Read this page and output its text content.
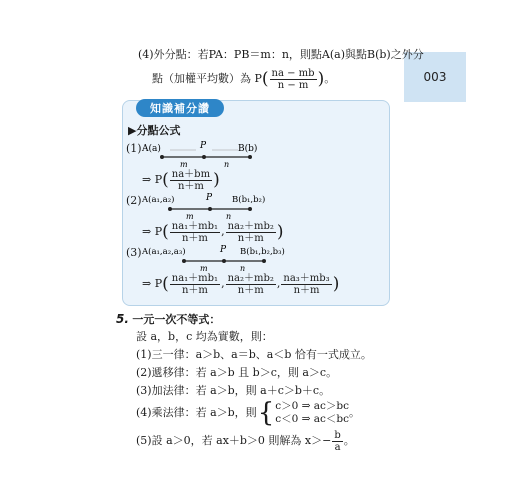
003
(4)外分點：若PA：PB＝m：n，則點A(a)與點B(b)之外分
點（加權平均數）為 P ( $\frac{na - mb}{n - m}$ ) 。
知識補分讚
▶分點公式
(1) A(a)	P	B(b)
m	n
⇒ P ( $\frac{na+bm}{n+m}$ )
(2) A(a₁,a₂)	P B(b₁,b₂)
m	n
⇒ P ( $\frac{\text{na₁＋mb₁}}{n+m}$ , $\frac{\text{na₂＋mb₂}}{n+m}$ )
(3) A(a₁,a₂,a₃)	P B(b₁,b₂,b₃)
m	n
⇒ P ( $\frac{\text{na₁＋mb₁}}{n+m}$ , $\frac{\text{na₂＋mb₂}}{n+m}$ , $\frac{\text{na₃＋mb₃}}{n+m}$ )
5. 一元一次不等式：
設 a，b，c 均為實數，則：
(1)三一律：a＞b、a＝b、a＜b 恰有一式成立。
(2)遞移律：若 a＞b 且 b＞c，則 a＞c。
(3)加法律：若 a＞b，則 a＋c＞b＋c。
(4)乘法律：若 a＞b，則 { c＞0 ⇒ ac＞bc
c＜0 ⇒ ac＜bc 。
(5)設 a＞0，若 ax＋b＞0 則解為 $x>- \frac{b}{a}$ 。
